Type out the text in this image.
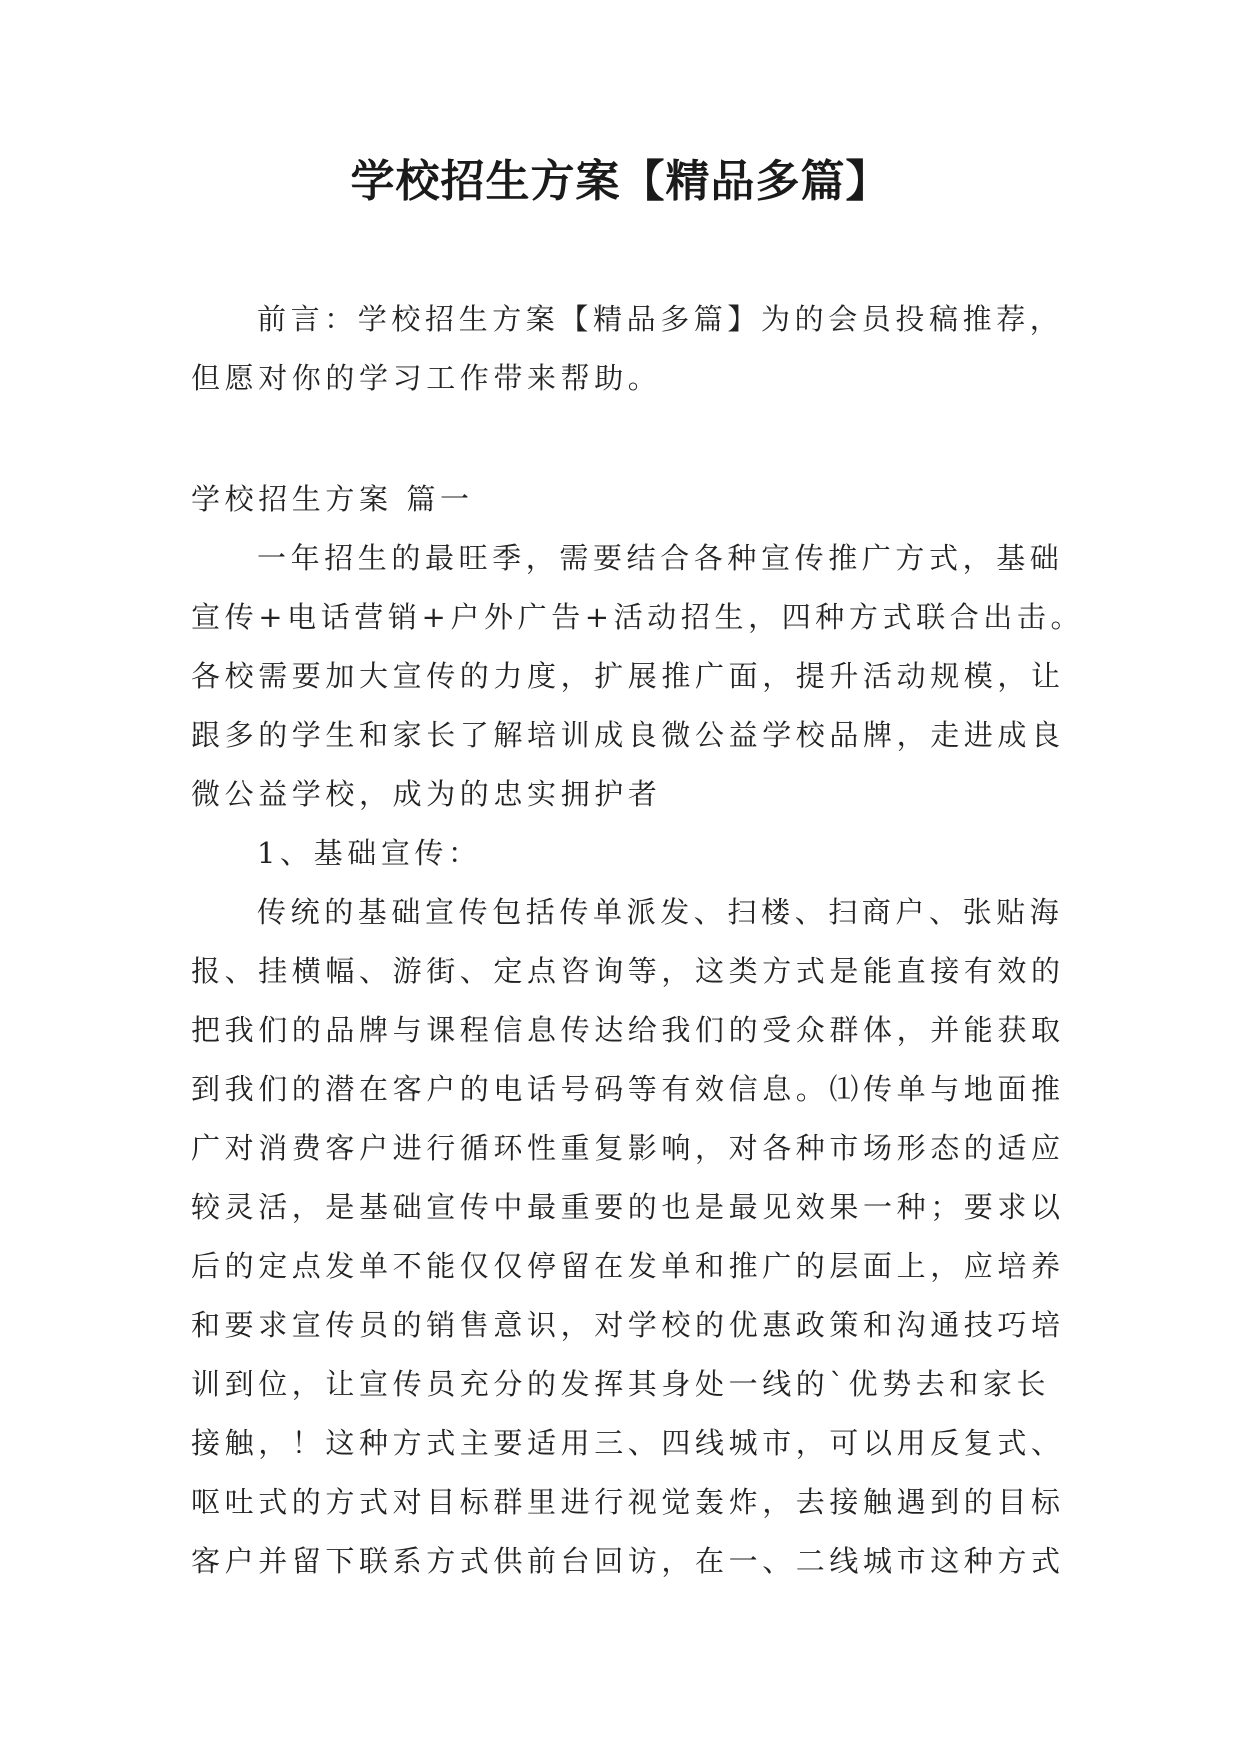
学校招生方案【精品多篇】
前言：学校招生方案【精品多篇】为的会员投稿推荐，
但愿对你的学习工作带来帮助。
学校招生方案 篇一
一年招生的最旺季，需要结合各种宣传推广方式，基础
宣传+电话营销+户外广告+活动招生，四种方式联合出击。
各校需要加大宣传的力度，扩展推广面，提升活动规模，让
跟多的学生和家长了解培训成良微公益学校品牌，走进成良
微公益学校，成为的忠实拥护者
1、基础宣传：
传统的基础宣传包括传单派发、扫楼、扫商户、张贴海
报、挂横幅、游街、定点咨询等，这类方式是能直接有效的
把我们的品牌与课程信息传达给我们的受众群体，并能获取
到我们的潜在客户的电话号码等有效信息。⑴传单与地面推
广对消费客户进行循环性重复影响，对各种市场形态的适应
较灵活，是基础宣传中最重要的也是最见效果一种；要求以
后的定点发单不能仅仅停留在发单和推广的层面上，应培养
和要求宣传员的销售意识，对学校的优惠政策和沟通技巧培
训到位，让宣传员充分的发挥其身处一线的`优势去和家长
接触，！这种方式主要适用三、四线城市，可以用反复式、
呕吐式的方式对目标群里进行视觉轰炸，去接触遇到的目标
客户并留下联系方式供前台回访，在一、二线城市这种方式
